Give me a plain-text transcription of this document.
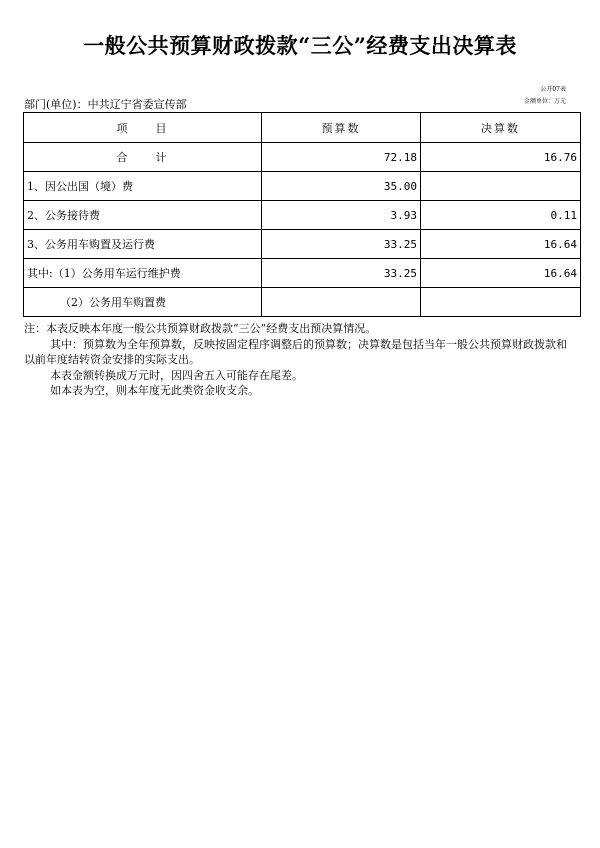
一般公共预算财政拨款“三公”经费支出决算表
公开07表
金额单位：万元
部门(单位)：中共辽宁省委宣传部
项　　目	预算数	决算数
合　　计	72.18	16.76
1、因公出国（境）费	35.00	
2、公务接待费	3.93	0.11
3、公务用车购置及运行费	33.25	16.64
其中:（1）公务用车运行维护费	33.25	16.64
（2）公务用车购置费		

注：本表反映本年度一般公共预算财政拨款“三公”经费支出预决算情况。

其中：预算数为全年预算数，反映按固定程序调整后的预算数；决算数是包括当年一般公共预算财政拨款和以前年度结转资金安排的实际支出。

本表金额转换成万元时，因四舍五入可能存在尾差。

如本表为空，则本年度无此类资金收支余。
